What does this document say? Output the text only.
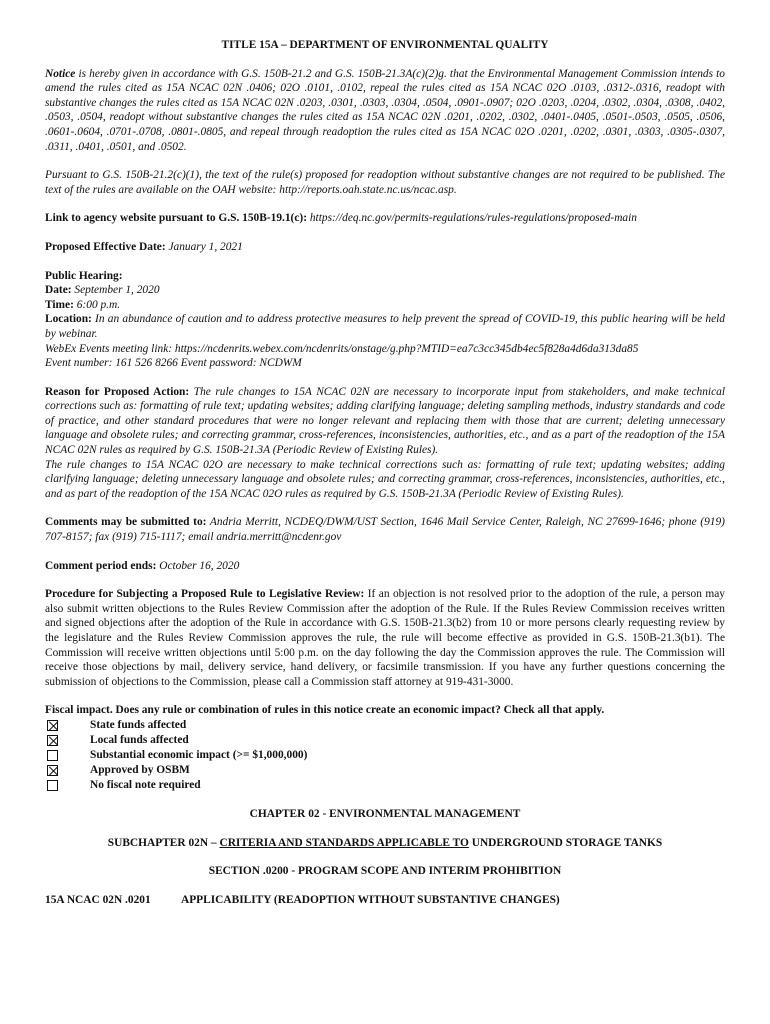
TITLE 15A – DEPARTMENT OF ENVIRONMENTAL QUALITY

Notice is hereby given in accordance with G.S. 150B-21.2 and G.S. 150B-21.3A(c)(2)g. that the Environmental Management Commission intends to amend the rules cited as 15A NCAC 02N .0406; 02O .0101, .0102, repeal the rules cited as 15A NCAC 02O .0103, .0312-.0316, readopt with substantive changes the rules cited as 15A NCAC 02N .0203, .0301, .0303, .0304, .0504, .0901-.0907; 02O .0203, .0204, .0302, .0304, .0308, .0402, .0503, .0504, readopt without substantive changes the rules cited as 15A NCAC 02N .0201, .0202, .0302, .0401-.0405, .0501-.0503, .0505, .0506, .0601-.0604, .0701-.0708, .0801-.0805, and repeal through readoption the rules cited as 15A NCAC 02O .0201, .0202, .0301, .0303, .0305-.0307, .0311, .0401, .0501, and .0502.

Pursuant to G.S. 150B-21.2(c)(1), the text of the rule(s) proposed for readoption without substantive changes are not required to be published. The text of the rules are available on the OAH website: http://reports.oah.state.nc.us/ncac.asp.

Link to agency website pursuant to G.S. 150B-19.1(c): https://deq.nc.gov/permits-regulations/rules-regulations/proposed-main

Proposed Effective Date: January 1, 2021

Public Hearing:
Date: September 1, 2020
Time: 6:00 p.m.

Location: In an abundance of caution and to address protective measures to help prevent the spread of COVID-19, this public hearing will be held by webinar.

WebEx Events meeting link: https://ncdenrits.webex.com/ncdenrits/onstage/g.php?MTID=ea7c3cc345db4ec5f828a4d6da313da85
Event number: 161 526 8266 Event password: NCDWM

Reason for Proposed Action: The rule changes to 15A NCAC 02N are necessary to incorporate input from stakeholders, and make technical corrections such as: formatting of rule text; updating websites; adding clarifying language; deleting sampling methods, industry standards and code of practice, and other standard procedures that were no longer relevant and replacing them with those that are current; deleting unnecessary language and obsolete rules; and correcting grammar, cross-references, inconsistencies, authorities, etc., and as a part of the readoption of the 15A NCAC 02N rules as required by G.S. 150B-21.3A (Periodic Review of Existing Rules).

The rule changes to 15A NCAC 02O are necessary to make technical corrections such as: formatting of rule text; updating websites; adding clarifying language; deleting unnecessary language and obsolete rules; and correcting grammar, cross-references, inconsistencies, authorities, etc., and as part of the readoption of the 15A NCAC 02O rules as required by G.S. 150B-21.3A (Periodic Review of Existing Rules).

Comments may be submitted to: Andria Merritt, NCDEQ/DWM/UST Section, 1646 Mail Service Center, Raleigh, NC 27699-1646; phone (919) 707-8157; fax (919) 715-1117; email andria.merritt@ncdenr.gov

Comment period ends: October 16, 2020

Procedure for Subjecting a Proposed Rule to Legislative Review: If an objection is not resolved prior to the adoption of the rule, a person may also submit written objections to the Rules Review Commission after the adoption of the Rule. If the Rules Review Commission receives written and signed objections after the adoption of the Rule in accordance with G.S. 150B-21.3(b2) from 10 or more persons clearly requesting review by the legislature and the Rules Review Commission approves the rule, the rule will become effective as provided in G.S. 150B-21.3(b1). The Commission will receive written objections until 5:00 p.m. on the day following the day the Commission approves the rule. The Commission will receive those objections by mail, delivery service, hand delivery, or facsimile transmission. If you have any further questions concerning the submission of objections to the Commission, please call a Commission staff attorney at 919-431-3000.

Fiscal impact. Does any rule or combination of rules in this notice create an economic impact? Check all that apply.
State funds affected
Local funds affected
Substantial economic impact (>= $1,000,000)
Approved by OSBM
No fiscal note required
CHAPTER 02 - ENVIRONMENTAL MANAGEMENT
SUBCHAPTER 02N – CRITERIA AND STANDARDS APPLICABLE TO UNDERGROUND STORAGE TANKS
SECTION .0200 - PROGRAM SCOPE AND INTERIM PROHIBITION
15A NCAC 02N .0201	APPLICABILITY (READOPTION WITHOUT SUBSTANTIVE CHANGES)
